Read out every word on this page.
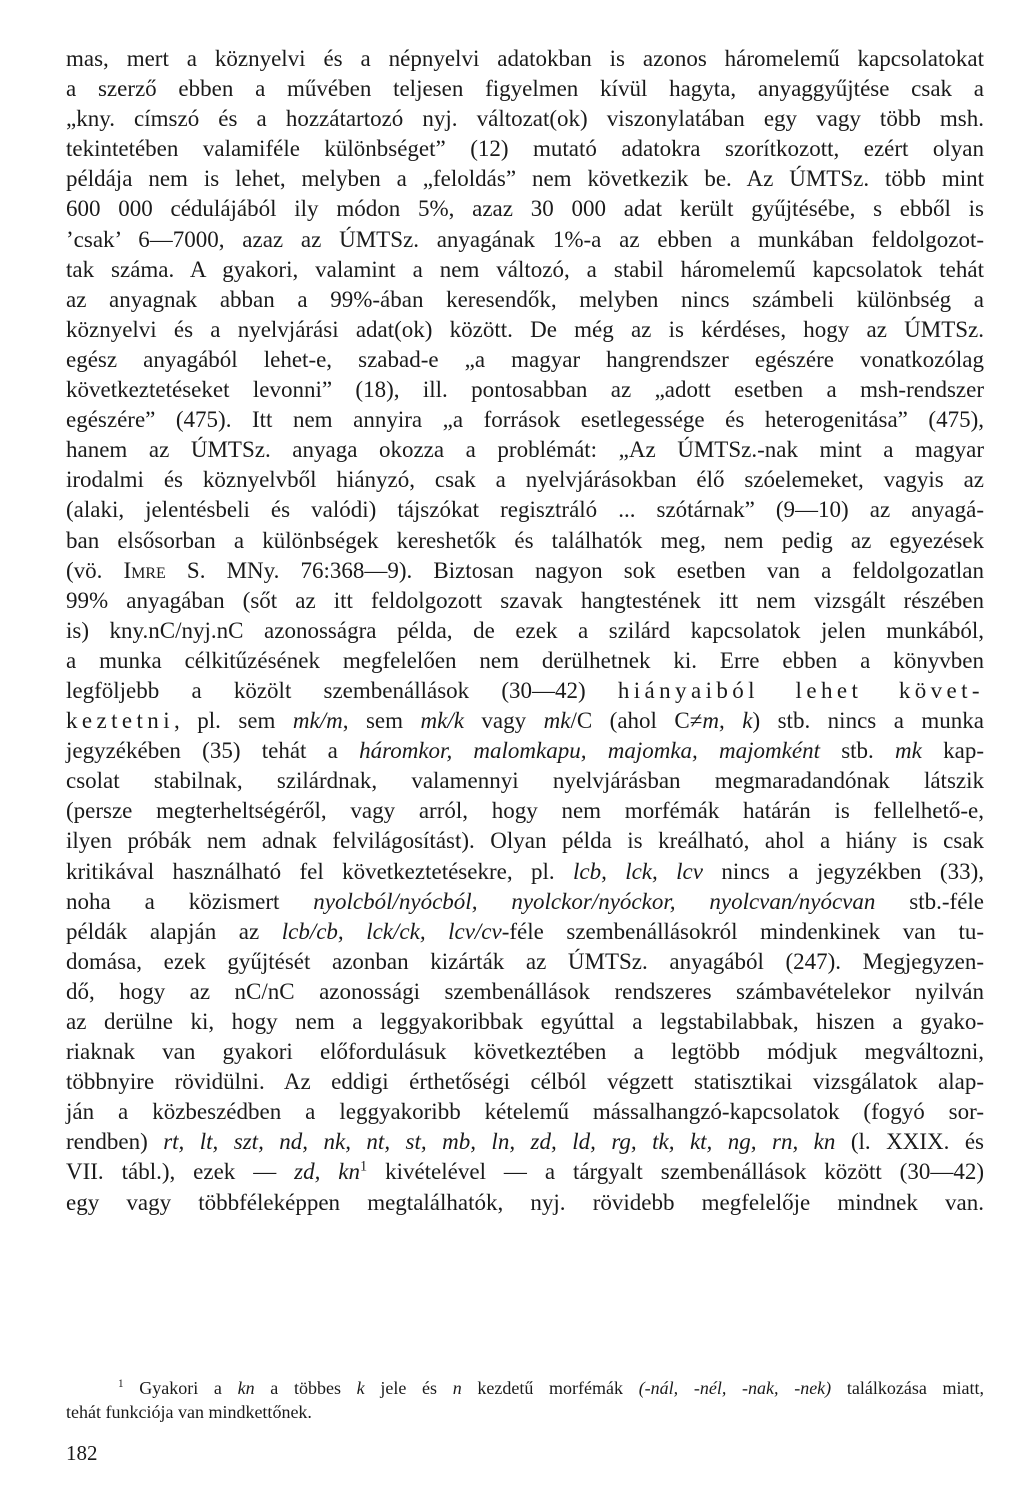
mas, mert a köznyelvi és a népnyelvi adatokban is azonos háromelemű kapcsolatokat
a szerző ebben a művében teljesen figyelmen kívül hagyta, anyaggyűjtése csak a
„kny. címszó és a hozzátartozó nyj. változat(ok) viszonylatában egy vagy több msh.
tekintetében valamiféle különbséget” (12) mutató adatokra szorítkozott, ezért olyan
példája nem is lehet, melyben a „feloldás” nem következik be. Az ÚMTSz. több mint
600 000 cédulájából ily módon 5%, azaz 30 000 adat került gyűjtésébe, s ebből is
’csak’ 6—7000, azaz az ÚMTSz. anyagának 1%-a az ebben a munkában feldolgozot-
tak száma. A gyakori, valamint a nem változó, a stabil háromelemű kapcsolatok tehát
az anyagnak abban a 99%-ában keresendők, melyben nincs számbeli különbség a
köznyelvi és a nyelvjárási adat(ok) között. De még az is kérdéses, hogy az ÚMTSz.
egész anyagából lehet-e, szabad-e „a magyar hangrendszer egészére vonatkozólag
következtetéseket levonni” (18), ill. pontosabban az „adott esetben a msh-rendszer
egészére” (475). Itt nem annyira „a források esetlegessége és heterogenitása” (475),
hanem az ÚMTSz. anyaga okozza a problémát: „Az ÚMTSz.-nak mint a magyar
irodalmi és köznyelvből hiányzó, csak a nyelvjárásokban élő szóelemeket, vagyis az
(alaki, jelentésbeli és valódi) tájszókat regisztráló ... szótárnak” (9—10) az anyagá-
ban elsősorban a különbségek kereshetők és találhatók meg, nem pedig az egyezések
(vö. Imre S. MNy. 76:368—9). Biztosan nagyon sok esetben van a feldolgozatlan
99% anyagában (sőt az itt feldolgozott szavak hangtestének itt nem vizsgált részében
is) kny.nC/nyj.nC azonosságra példa, de ezek a szilárd kapcsolatok jelen munkából,
a munka célkitűzésének megfelelően nem derülhetnek ki. Erre ebben a könyvben
legföljebb a közölt szembenállások (30—42) hiányaiból lehet követ-
keztetni, pl. sem mk/m, sem mk/k vagy mk/C (ahol C≠m, k) stb. nincs a munka
jegyzékében (35) tehát a háromkor, malomkapu, majomka, majomként stb. mk kap-
csolat stabilnak, szilárdnak, valamennyi nyelvjárásban megmaradandónak látszik
(persze megterheltségéről, vagy arról, hogy nem morfémák határán is fellelhető-e,
ilyen próbák nem adnak felvilágosítást). Olyan példa is kreálható, ahol a hiány is csak
kritikával használható fel következtetésekre, pl. lcb, lck, lcv nincs a jegyzékben (33),
noha a közismert nyolcból/nyócból, nyolckor/nyóckor, nyolcvan/nyócvan stb.-féle
példák alapján az lcb/cb, lck/ck, lcv/cv-féle szembenállásokról mindenkinek van tu-
domása, ezek gyűjtését azonban kizárták az ÚMTSz. anyagából (247). Megjegyzen-
dő, hogy az nC/nC azonossági szembenállások rendszeres számbavételekor nyilván
az derülne ki, hogy nem a leggyakoribbak egyúttal a legstabilabbak, hiszen a gyako-
riaknak van gyakori előfordulásuk következtében a legtöbb módjuk megváltozni,
többnyire rövidülni. Az eddigi érthetőségi célból végzett statisztikai vizsgálatok alap-
ján a közbeszédben a leggyakoribb kételemű mássalhangzó-kapcsolatok (fogyó sor-
rendben) rt, lt, szt, nd, nk, nt, st, mb, ln, zd, ld, rg, tk, kt, ng, rn, kn (l. XXIX. és
VII. tábl.), ezek — zd, $kn^1$ kivételével — a tárgyalt szembenállások között (30—42)
egy vagy többféleképpen megtalálhatók, nyj. rövidebb megfelelője mindnek van.
$^1$ Gyakori a kn a többes k jele és n kezdetű morfémák (-nál, -nél, -nak, -nek) találkozása miatt,
tehát funkciója van mindkettőnek.
182
